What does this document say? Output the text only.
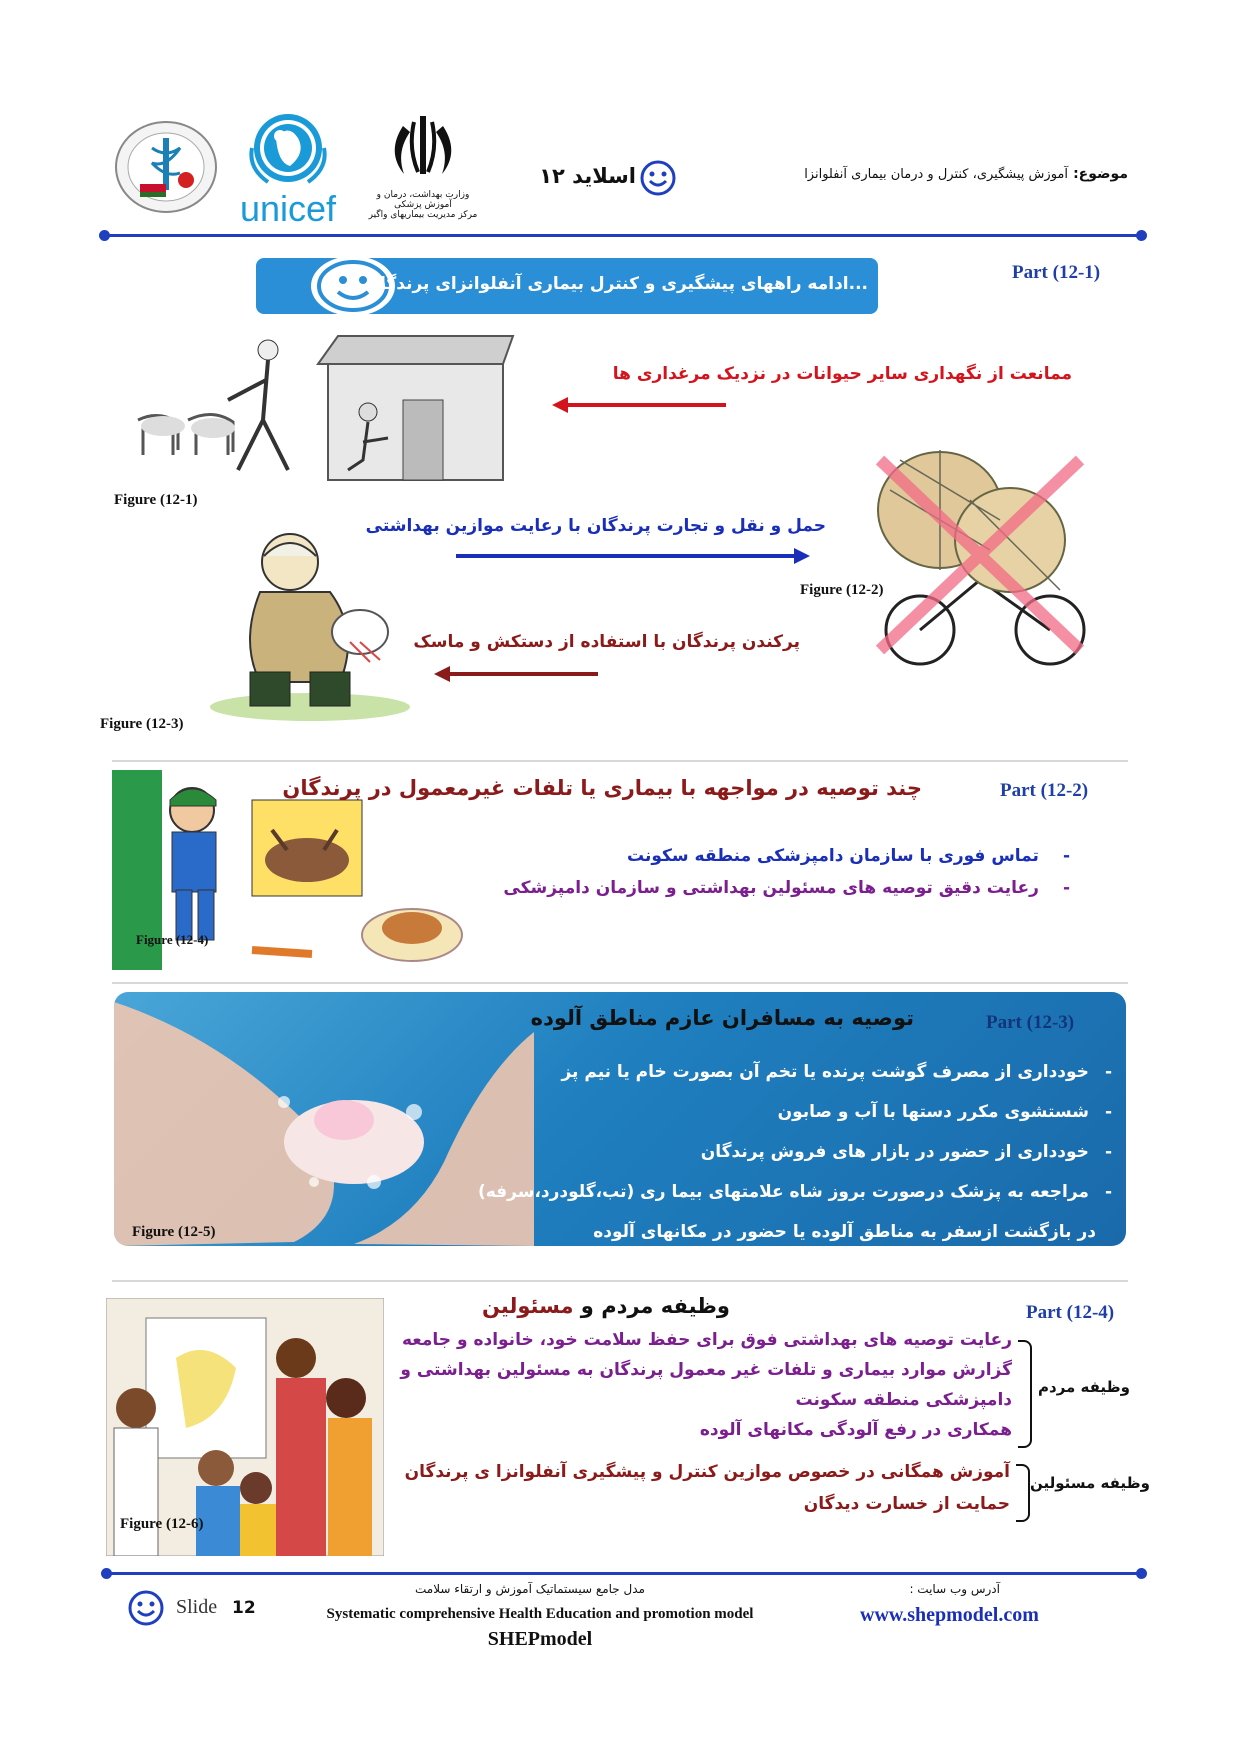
unicef	وزارت بهداشت، درمان و آموزش پزشکی
مرکز مدیریت بیماریهای واگیر
اسلاید ۱۲	موضوع: آموزش پیشگیری، کنترل و درمان بیماری آنفلوانزا
Part (12-1)
...ادامه راههای پیشگیری و کنترل بیماری آنفلوانزای پرندگان
Figure (12-1)
ممانعت از نگهداری سایر حیوانات در نزدیک مرغداری ها
حمل و نقل و تجارت پرندگان با رعایت موازین بهداشتی
Figure (12-2)
Figure (12-3)
پرکندن پرندگان با استفاده از دستکش و ماسک
Part (12-2)
Figure (12-4)
چند توصیه در مواجهه با بیماری یا تلفات غیرمعمول در پرندگان
-تماس فوری با سازمان دامپزشکی منطقه سکونت
-رعایت دقیق توصیه های مسئولین بهداشتی و سازمان دامپزشکی
Figure (12-5)
Part (12-3)
توصیه به مسافران عازم مناطق آلوده
-خودداری از مصرف گوشت پرنده یا تخم آن بصورت خام یا نیم پز
-شستشوی مکرر دستها با آب و صابون
-خودداری از حضور در بازار های فروش پرندگان
-مراجعه به پزشک درصورت بروز شاه علامتهای بیما ری (تب،گلودرد،سرفه)
در بازگشت ازسفر به مناطق آلوده یا حضور در مکانهای آلوده
Figure (12-6)
Part (12-4)
وظیفه مردم و مسئولین
وظیفه مردم
رعایت توصیه های بهداشتی فوق برای حفظ سلامت خود، خانواده و جامعه
گزارش موارد بیماری و تلفات غیر معمول پرندگان به مسئولین بهداشتی و
دامپزشکی منطقه سکونت
همکاری در رفع آلودگی مکانهای آلوده
وظیفه مسئولین
آموزش همگانی در خصوص موازین کنترل و پیشگیری آنفلوانزا ی پرندگان
حمایت از خسارت دیدگان
Slide 12
مدل جامع سیستماتیک آموزش و ارتقاء سلامت
Systematic comprehensive Health Education and promotion model
SHEPmodel
آدرس وب سایت :
www.shepmodel.com
